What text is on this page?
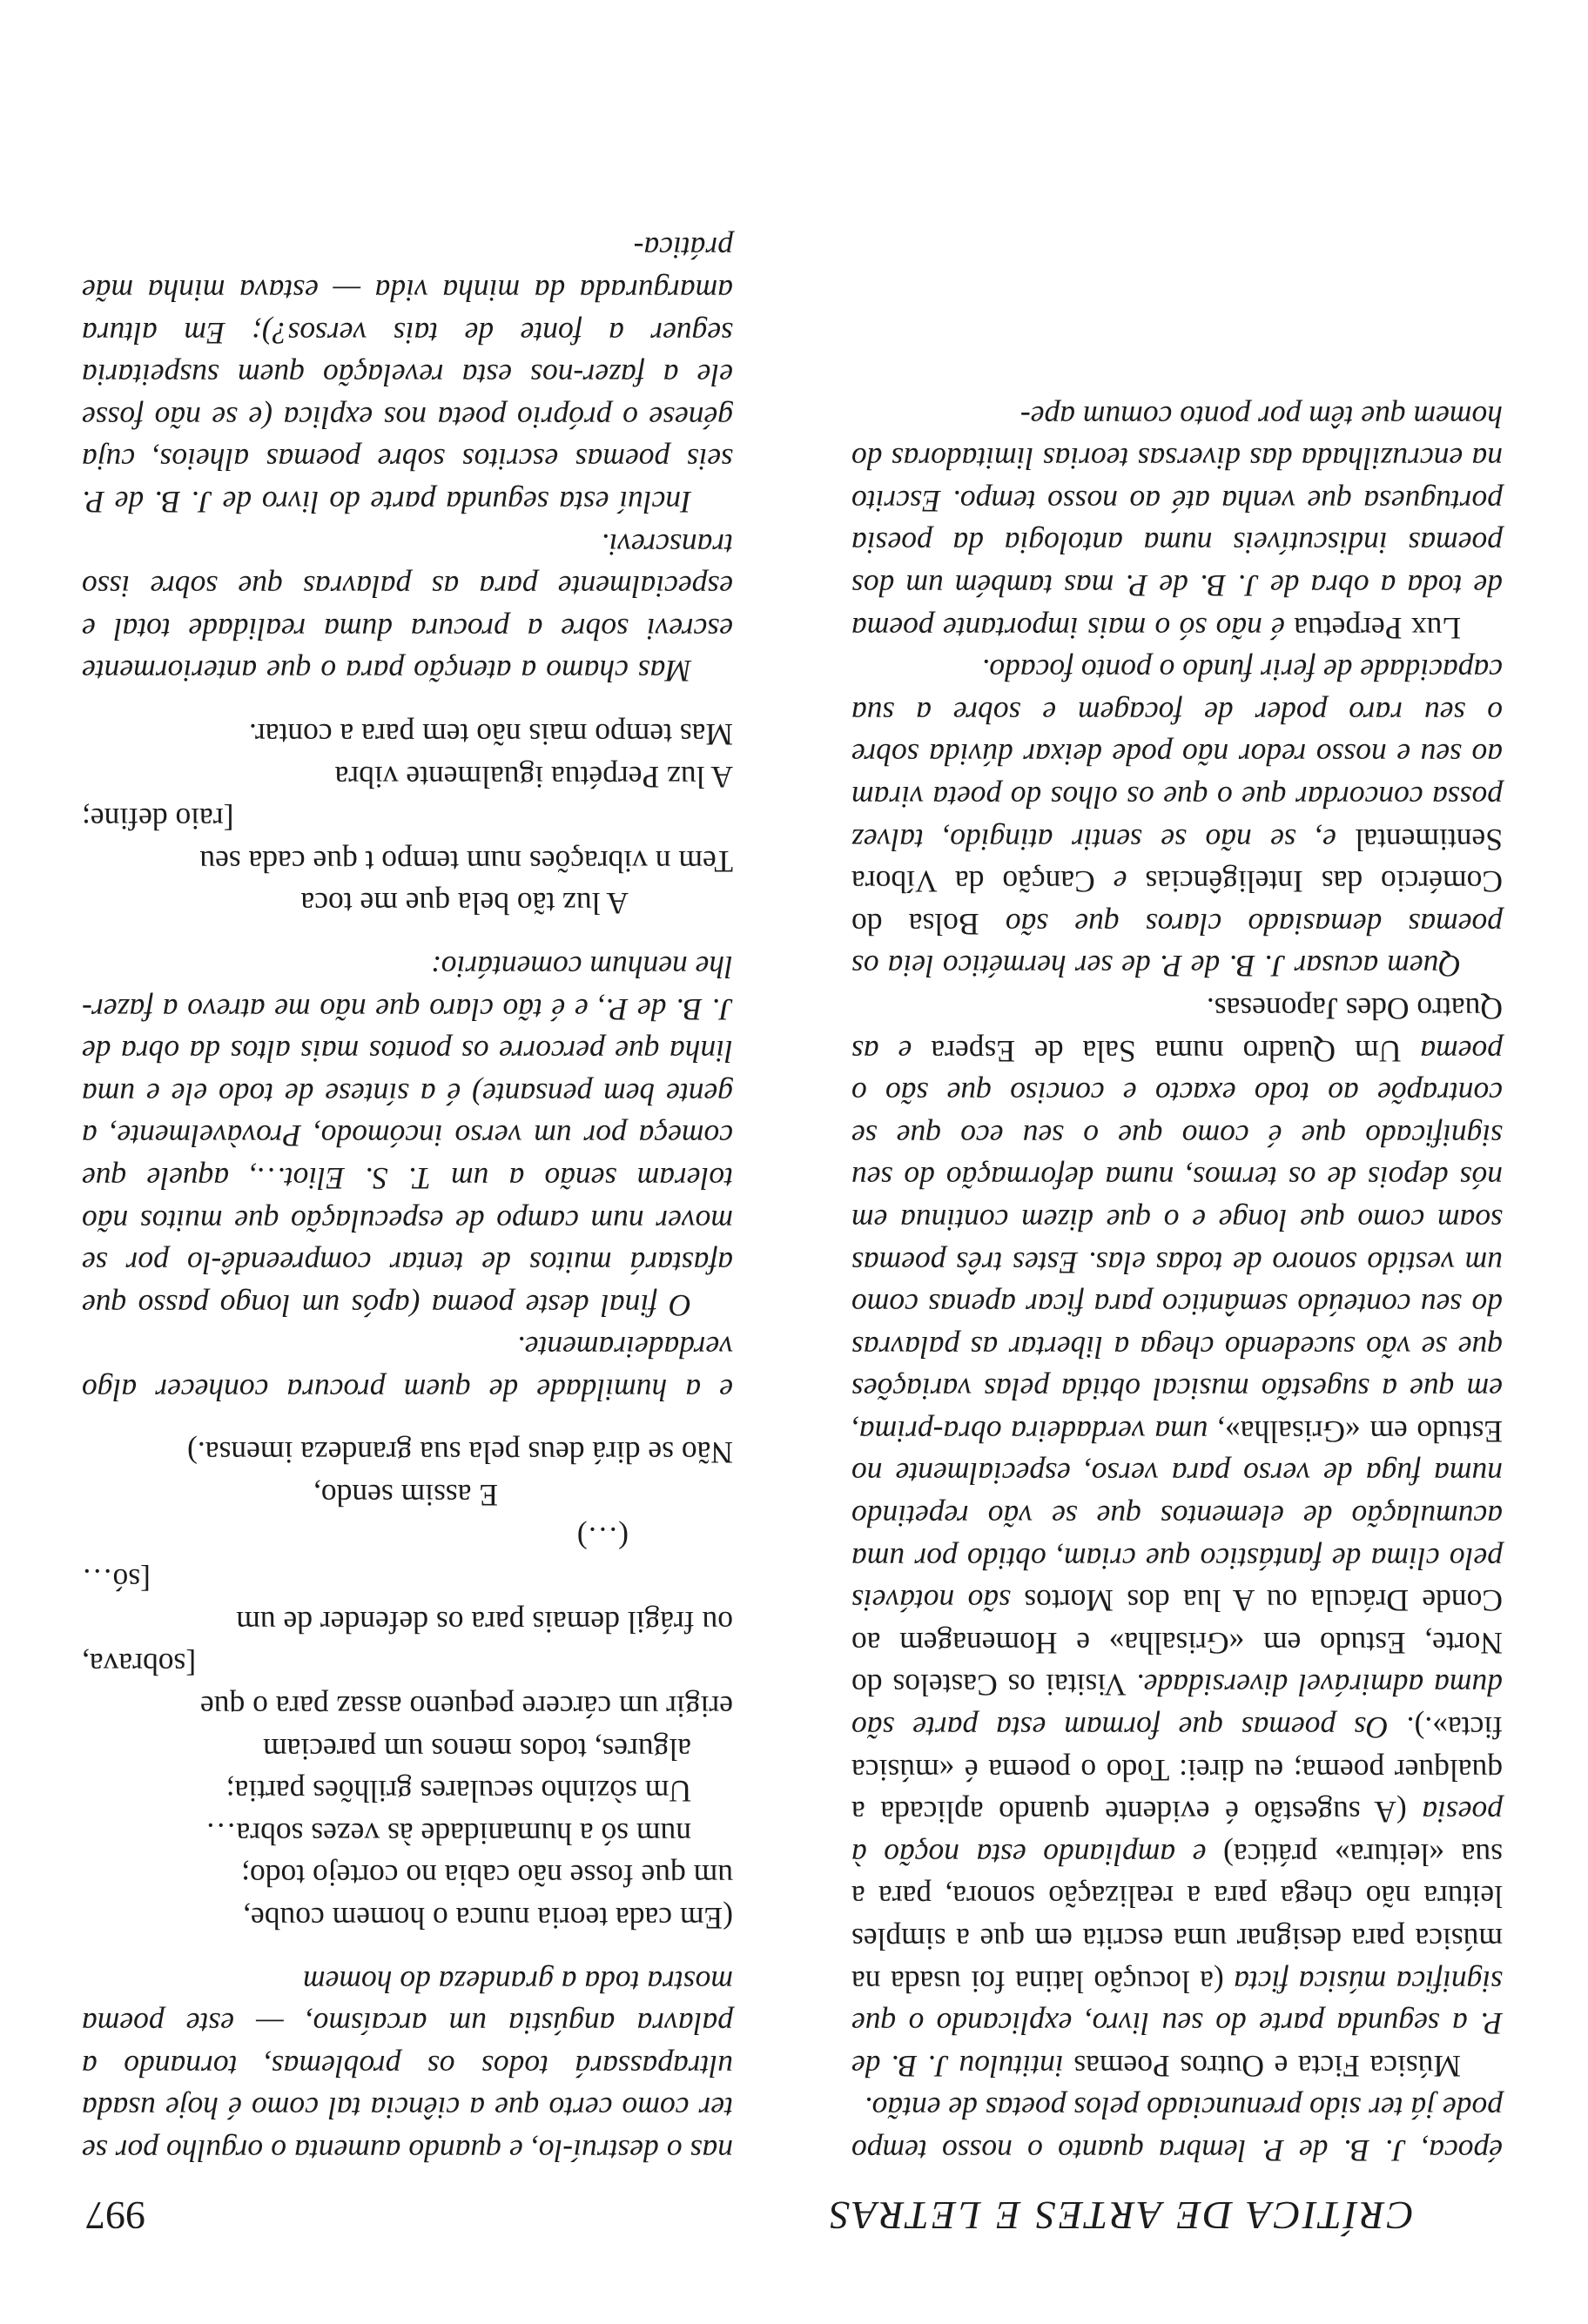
CRÍTICA DE ARTES E LETRAS
997

época, J. B. de P. lembra quanto o nosso tempo pode já ter sido prenunciado pelos poetas de então.

Música Ficta e Outros Poemas intitulou J. B. de P. a segunda parte do seu livro, explicando o que significa música ficta (a locução latina foi usada na música para designar uma escrita em que a simples leitura não chega para a realização sonora, para a sua «leitura» prática) e ampliando esta noção à poesia (A sugestão é evidente quando aplicada a qualquer poema; eu direi: Todo o poema é «música ficta».). Os poemas que formam esta parte são duma admirável diversidade. Visitai os Castelos do Norte, Estudo em «Grisalha» e Homenagem ao Conde Drácula ou A lua dos Mortos são notáveis pelo clima de fantástico que criam, obtido por uma acumulação de elementos que se vão repetindo numa fuga de verso para verso, especialmente no Estudo em «Grisalha», uma verdadeira obra-prima, em que a sugestão musical obtida pelas variações que se vão sucedendo chega a libertar as palavras do seu conteúdo semântico para ficar apenas como um vestido sonoro de todas elas. Estes três poemas soam como que longe e o que dizem continua em nós depois de os termos, numa deformação do seu significado que é como que o seu eco que se contrapõe ao todo exacto e conciso que são o poema Um Quadro numa Sala de Espera e as Quatro Odes Japonesas.

Quem acusar J. B. de P. de ser hermético leia os poemas demasiado claros que são Bolsa do Comércio das Inteligências e Canção da Víbora Sentimental e, se não se sentir atingido, talvez possa concordar que o que os olhos do poeta viram ao seu e nosso redor não pode deixar dúvida sobre o seu raro poder de focagem e sobre a sua capacidade de ferir fundo o ponto focado.

Lux Perpetua é não só o mais importante poema de toda a obra de J. B. de P. mas também um dos poemas indiscutíveis numa antologia da poesia portuguesa que venha até ao nosso tempo. Escrito na encruzilhada das diversas teorias limitadoras do homem que têm por ponto comum ape-

nas o destruí-lo, e quando aumenta o orgulho por se ter como certo que a ciência tal como é hoje usada ultrapassará todos os problemas, tornando a palavra angústia um arcaísmo, — este poema mostra toda a grandeza do homem

(Em cada teoria nunca o homem coube,

um que fosse não cabia no cortejo todo;

num só a humanidade às vezes sobra…

Um sòzinho seculares grilhões partia;

algures, todos menos um pareciam

erigir um cárcere pequeno assaz para o que

[sobrava,

ou frágil demais para os defender de um

[só…

(…)

E assim sendo,

Não se dirá deus pela sua grandeza imensa.)

e a humildade de quem procura conhecer algo verdadeiramente.

O final deste poema (após um longo passo que afastará muitos de tentar compreendê-lo por se mover num campo de especulação que muitos não toleram senão a um T. S. Eliot…, aquele que começa por um verso incómodo, Provàvelmente, a gente bem pensante) é a síntese de todo ele e uma linha que percorre os pontos mais altos da obra de J. B. de P., e é tão claro que não me atrevo a fazer-lhe nenhum comentário:

A luz tão bela que me toca

Tem n vibrações num tempo t que cada seu

[raio define;

A luz Perpétua igualmente vibra

Mas tempo mais não tem para a contar.

Mas chamo a atenção para o que anteriormente escrevi sobre a procura duma realidade total e especialmente para as palavras que sobre isso transcrevi.

Incluí esta segunda parte do livro de J. B. de P. seis poemas escritos sobre poemas alheios, cuja génese o próprio poeta nos explica (e se não fosse ele a fazer-nos esta revelação quem suspeitaria seguer a fonte de tais versos?); Em altura amargurada da minha vida — estava minha mãe prática-
